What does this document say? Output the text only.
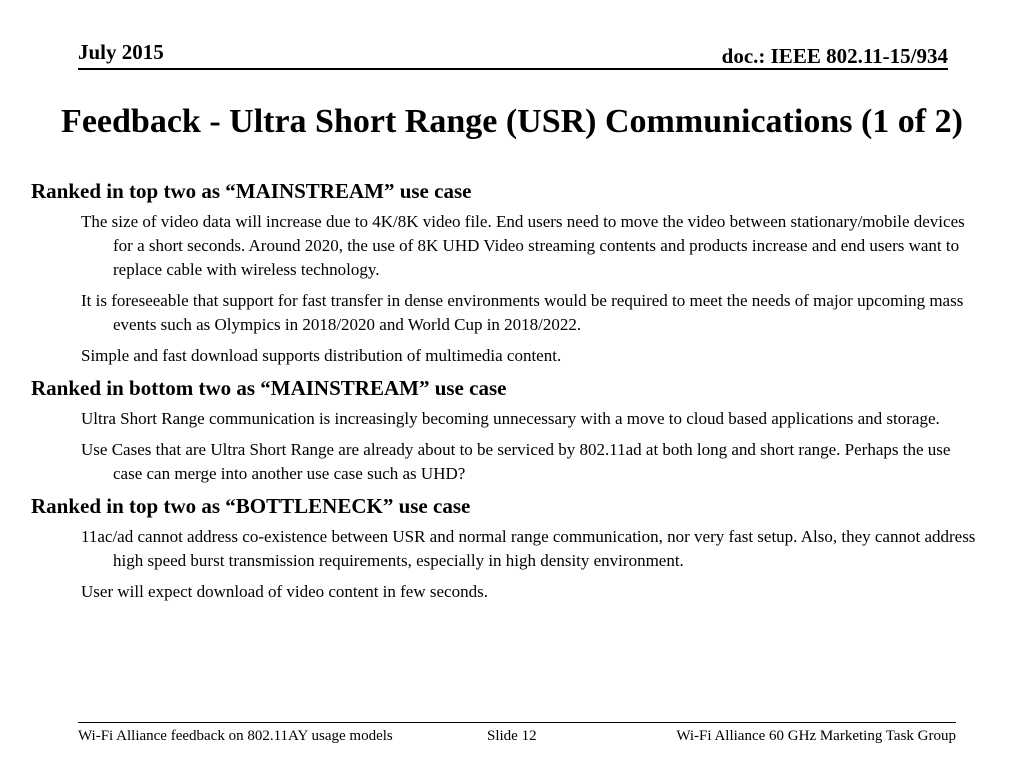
July 2015	doc.: IEEE 802.11-15/934
Feedback - Ultra Short Range (USR) Communications (1 of 2)
Ranked in top two as “MAINSTREAM” use case
The size of video data will increase due to 4K/8K video file. End users need to move the video between stationary/mobile devices for a short seconds. Around 2020, the use of 8K UHD Video streaming contents and products increase and end users want to replace cable with wireless technology.
It is foreseeable that support for fast transfer in dense environments would be required to meet the needs of major upcoming mass events such as Olympics in 2018/2020 and World Cup in 2018/2022.
Simple and fast download supports distribution of multimedia content.
Ranked in bottom two as “MAINSTREAM” use case
Ultra Short Range communication is increasingly becoming unnecessary with a move to cloud based applications and storage.
Use Cases that are Ultra Short Range are already about to be serviced by 802.11ad at both long and short range. Perhaps the use case can merge into another use case such as UHD?
Ranked in top two as “BOTTLENECK” use case
11ac/ad cannot address co-existence between USR and normal range communication, nor very fast setup. Also, they cannot address high speed burst transmission requirements, especially in high density environment.
User will expect download of video content in few seconds.
Wi-Fi Alliance feedback on 802.11AY usage models	Slide 12	Wi-Fi Alliance 60 GHz Marketing Task Group
